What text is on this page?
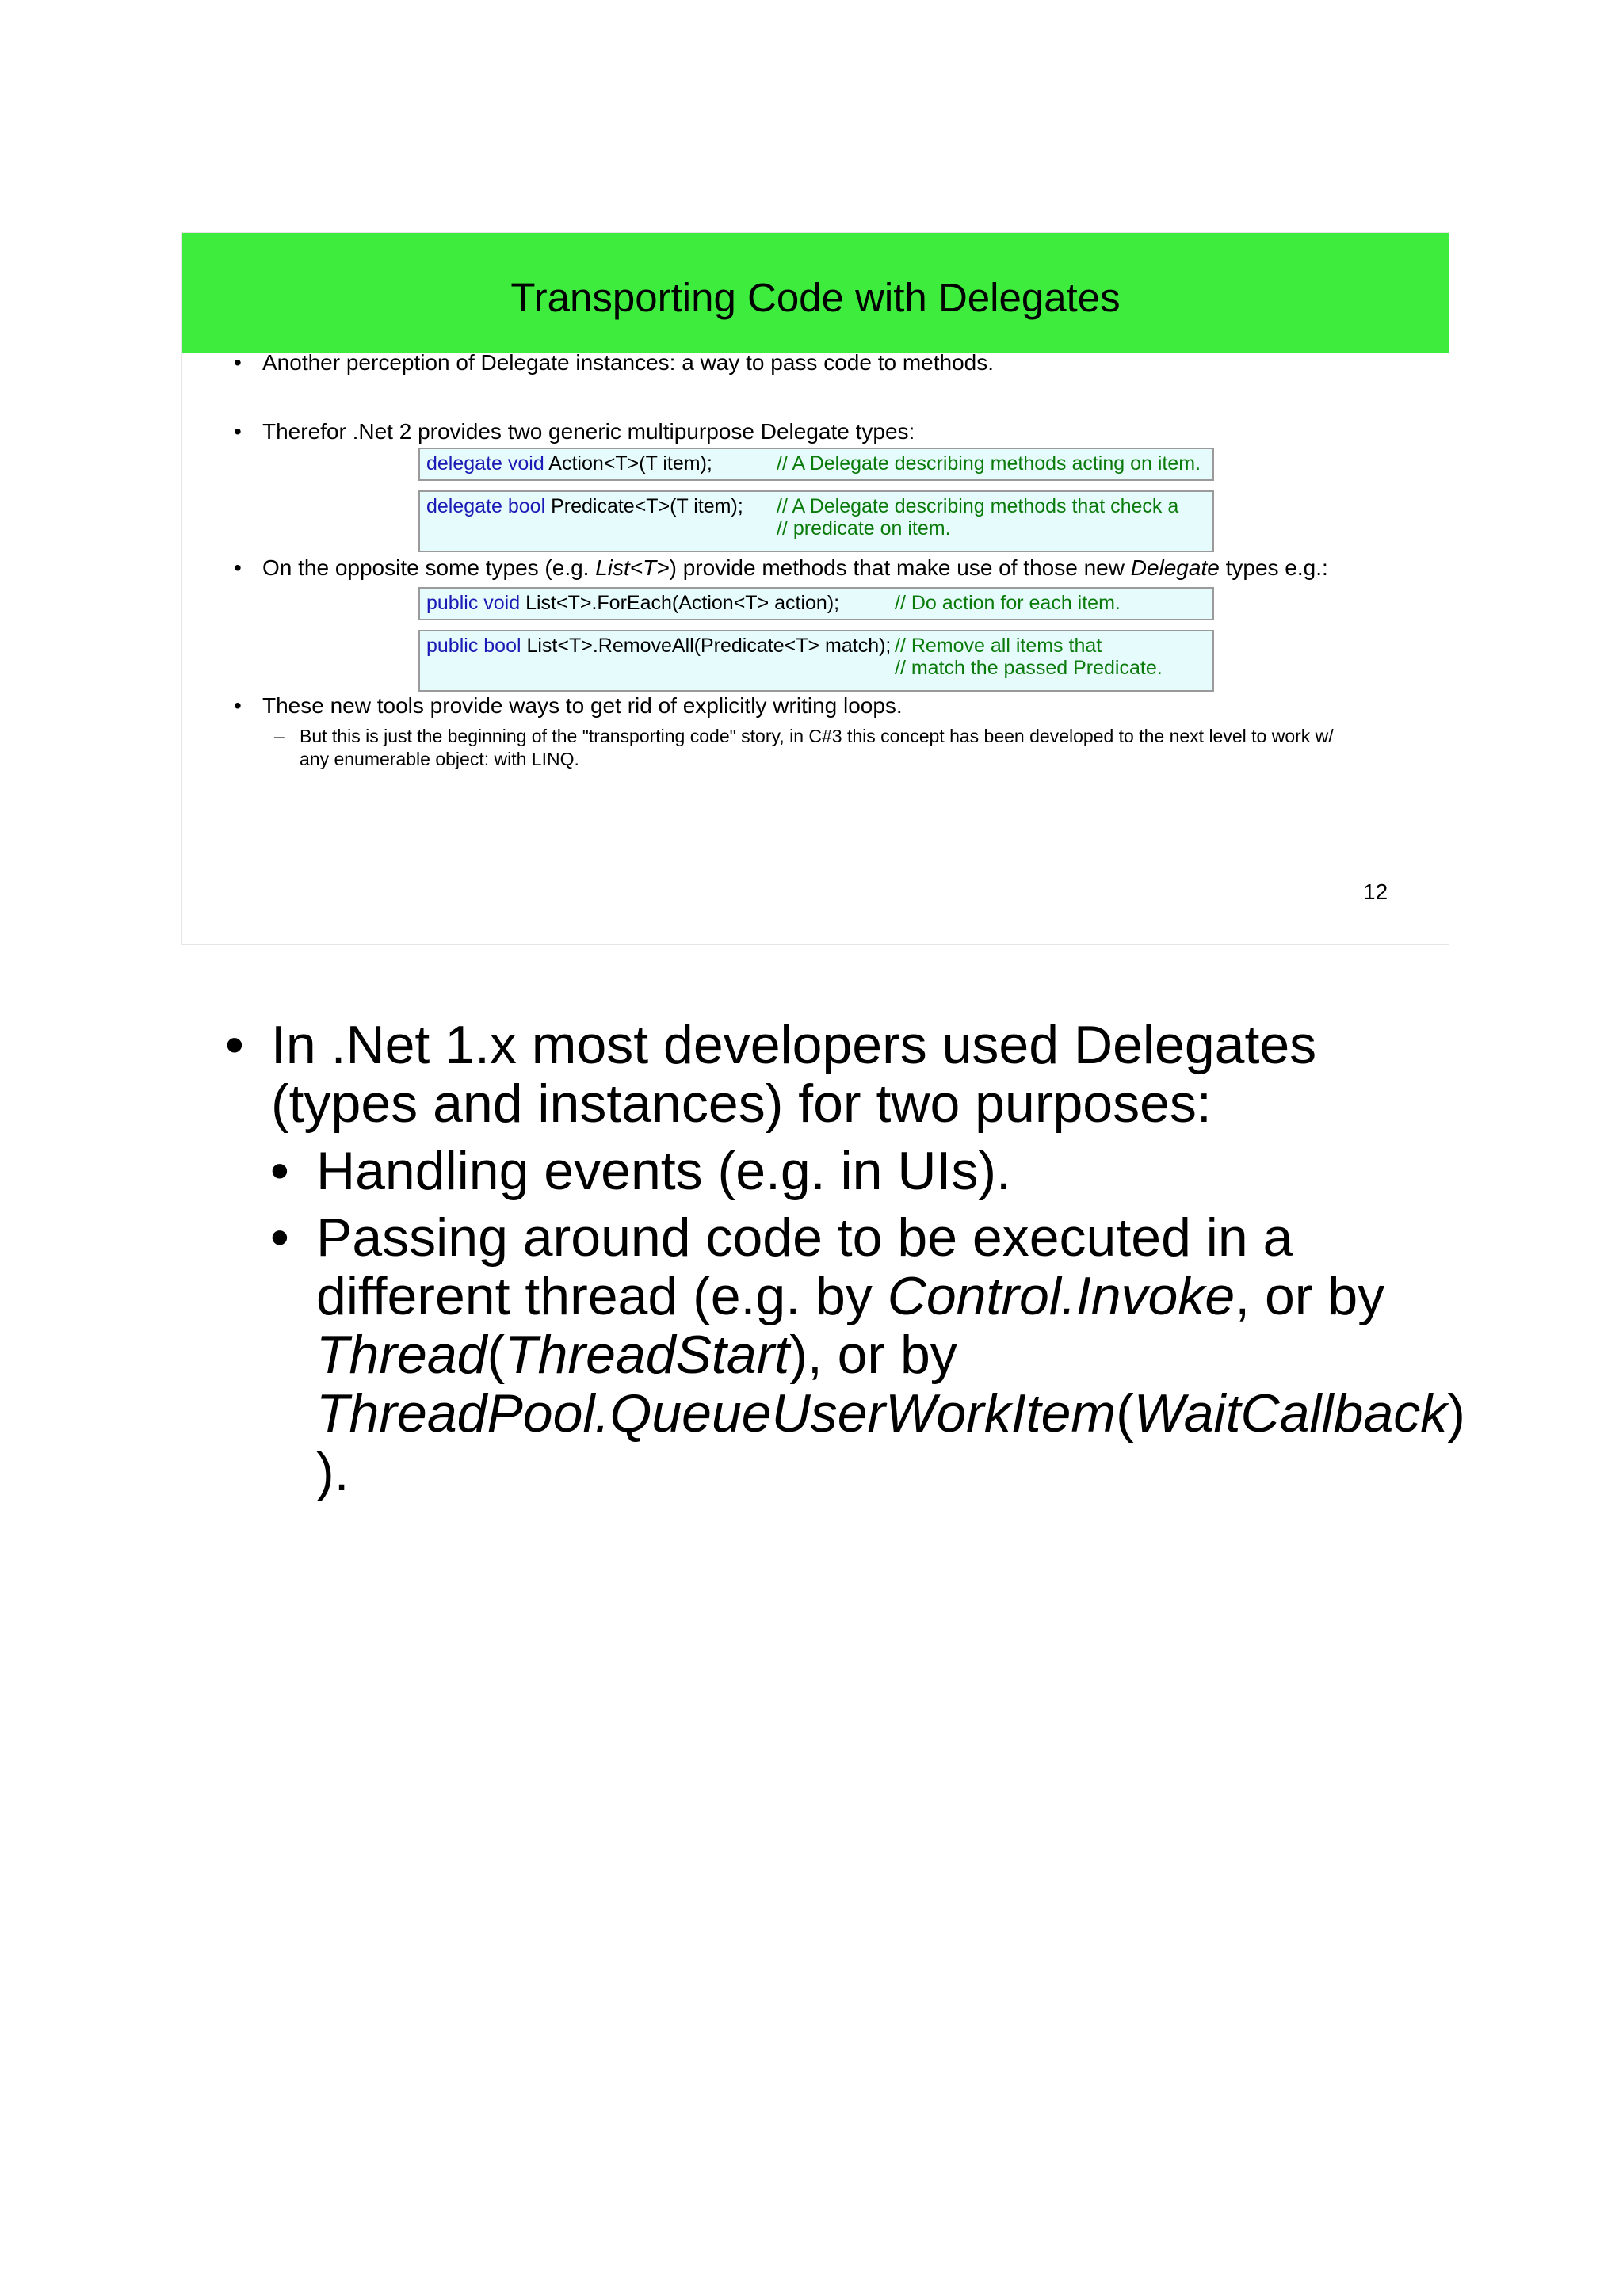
Transporting Code with Delegates
• Another perception of Delegate instances: a way to pass code to methods.
• Therefor .Net 2 provides two generic multipurpose Delegate types:
delegate void Action<T>(T item);	// A Delegate describing methods acting on item.
delegate bool Predicate<T>(T item); // A Delegate describing methods that check a
// predicate on item.
• On the opposite some types (e.g. List<T>) provide methods that make use of those new Delegate types e.g.:
public void List<T>.ForEach(Action<T> action);	// Do action for each item.
public bool List<T>.RemoveAll(Predicate<T> match); // Remove all items that
// match the passed Predicate.
• These new tools provide ways to get rid of explicitly writing loops.
– But this is just the beginning of the "transporting code" story, in C#3 this concept has been developed to the next level to work w/
any enumerable object: with LINQ.
12
• In .Net 1.x most developers used Delegates
(types and instances) for two purposes:
• Handling events (e.g. in UIs).
• Passing around code to be executed in a
different thread (e.g. by Control.Invoke, or by
Thread(ThreadStart), or by
ThreadPool.QueueUserWorkItem(WaitCallback)
).
